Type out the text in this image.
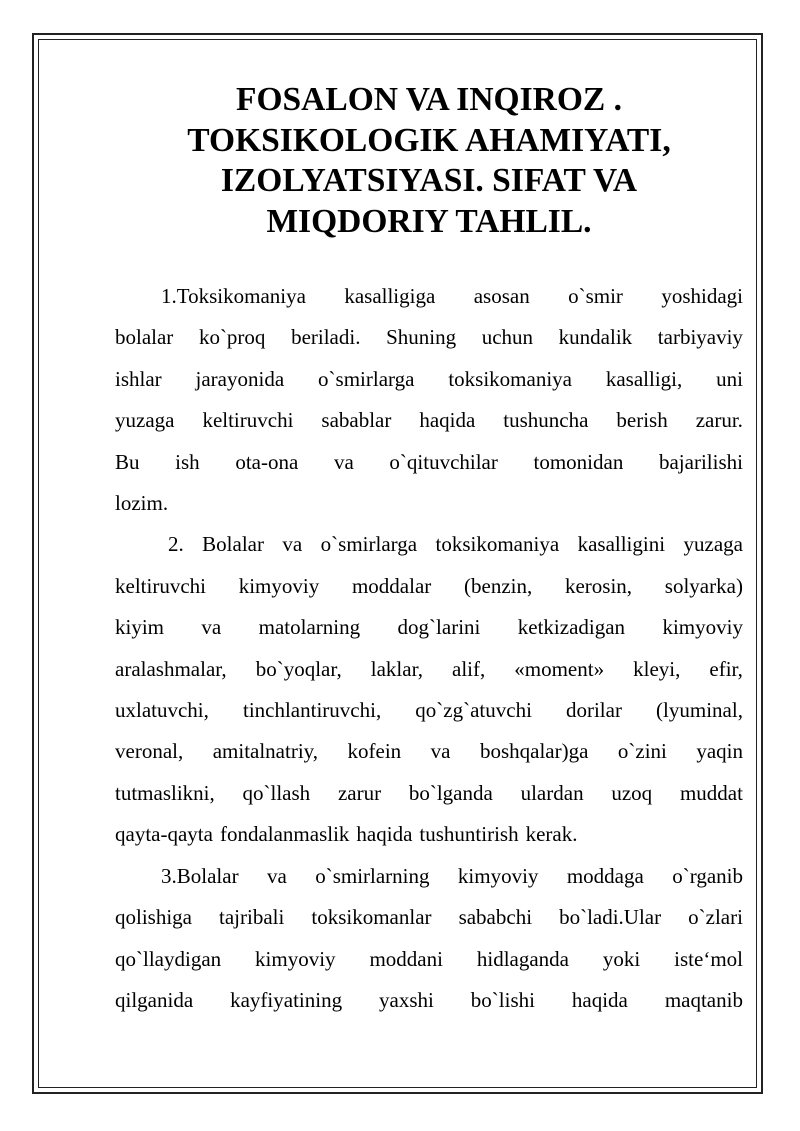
FOSALON VA INQIROZ .
TOKSIKOLOGIK AHAMIYATI,
IZOLYATSIYASI. SIFAT VA
MIQDORIY TAHLIL.
1.Toksikomaniya kasalligiga asosan o`smir yoshidagi
bolalar ko`proq beriladi. Shuning uchun kundalik tarbiyaviy
ishlar jarayonida o`smirlarga toksikomaniya kasalligi, uni
yuzaga keltiruvchi sabablar haqida tushuncha berish zarur.
Bu ish ota-ona va o`qituvchilar tomonidan bajarilishi
lozim.
2. Bolalar va o`smirlarga toksikomaniya kasalligini yuzaga
keltiruvchi kimyoviy moddalar (benzin, kerosin, solyarka)
kiyim va matolarning dog`larini ketkizadigan kimyoviy
aralashmalar, bo`yoqlar, laklar, alif, «moment» kleyi, efir,
uxlatuvchi, tinchlantiruvchi, qo`zg`atuvchi dorilar (lyuminal,
veronal, amitalnatriy, kofein va boshqalar)ga o`zini yaqin
tutmaslikni, qo`llash zarur bo`lganda ulardan uzoq muddat
qayta-qayta fondalanmaslik haqida tushuntirish kerak.
3.Bolalar va o`smirlarning kimyoviy moddaga o`rganib
qolishiga tajribali toksikomanlar sababchi bo`ladi.Ular o`zlari
qo`llaydigan kimyoviy moddani hidlaganda yoki iste‘mol
qilganida kayfiyatining yaxshi bo`lishi haqida maqtanib
